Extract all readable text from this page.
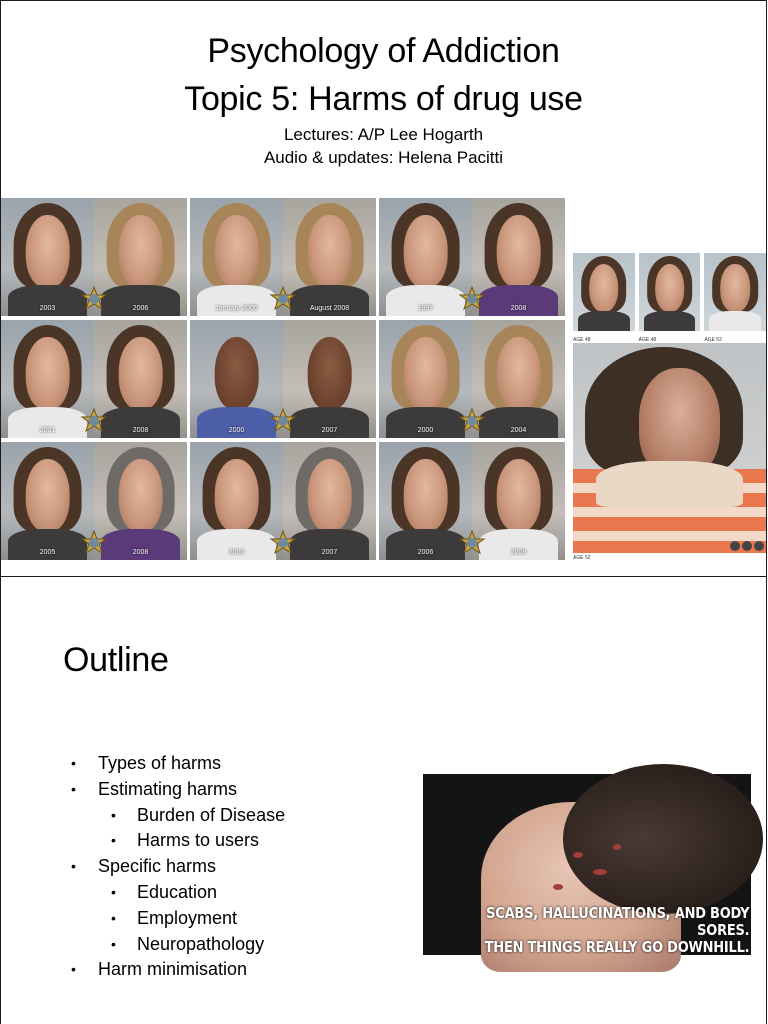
Psychology of Addiction
Topic 5: Harms of drug use
Lectures: A/P Lee Hogarth
Audio & updates: Helena Pacitti
2003	2006	January 2005	August 2008	1997	2008
2001	2008	2000	2007	2000	2004
2005	2008	2000	2007	2006	2008
AGE 48	AGE 48	AGE 52
AGE 52
Outline
• Types of harms
• Estimating harms
• Burden of Disease
• Harms to users
• Specific harms
• Education
• Employment
• Neuropathology
• Harm minimisation
SCABS, HALLUCINATIONS, AND BODY SORES.
THEN THINGS REALLY GO DOWNHILL.
